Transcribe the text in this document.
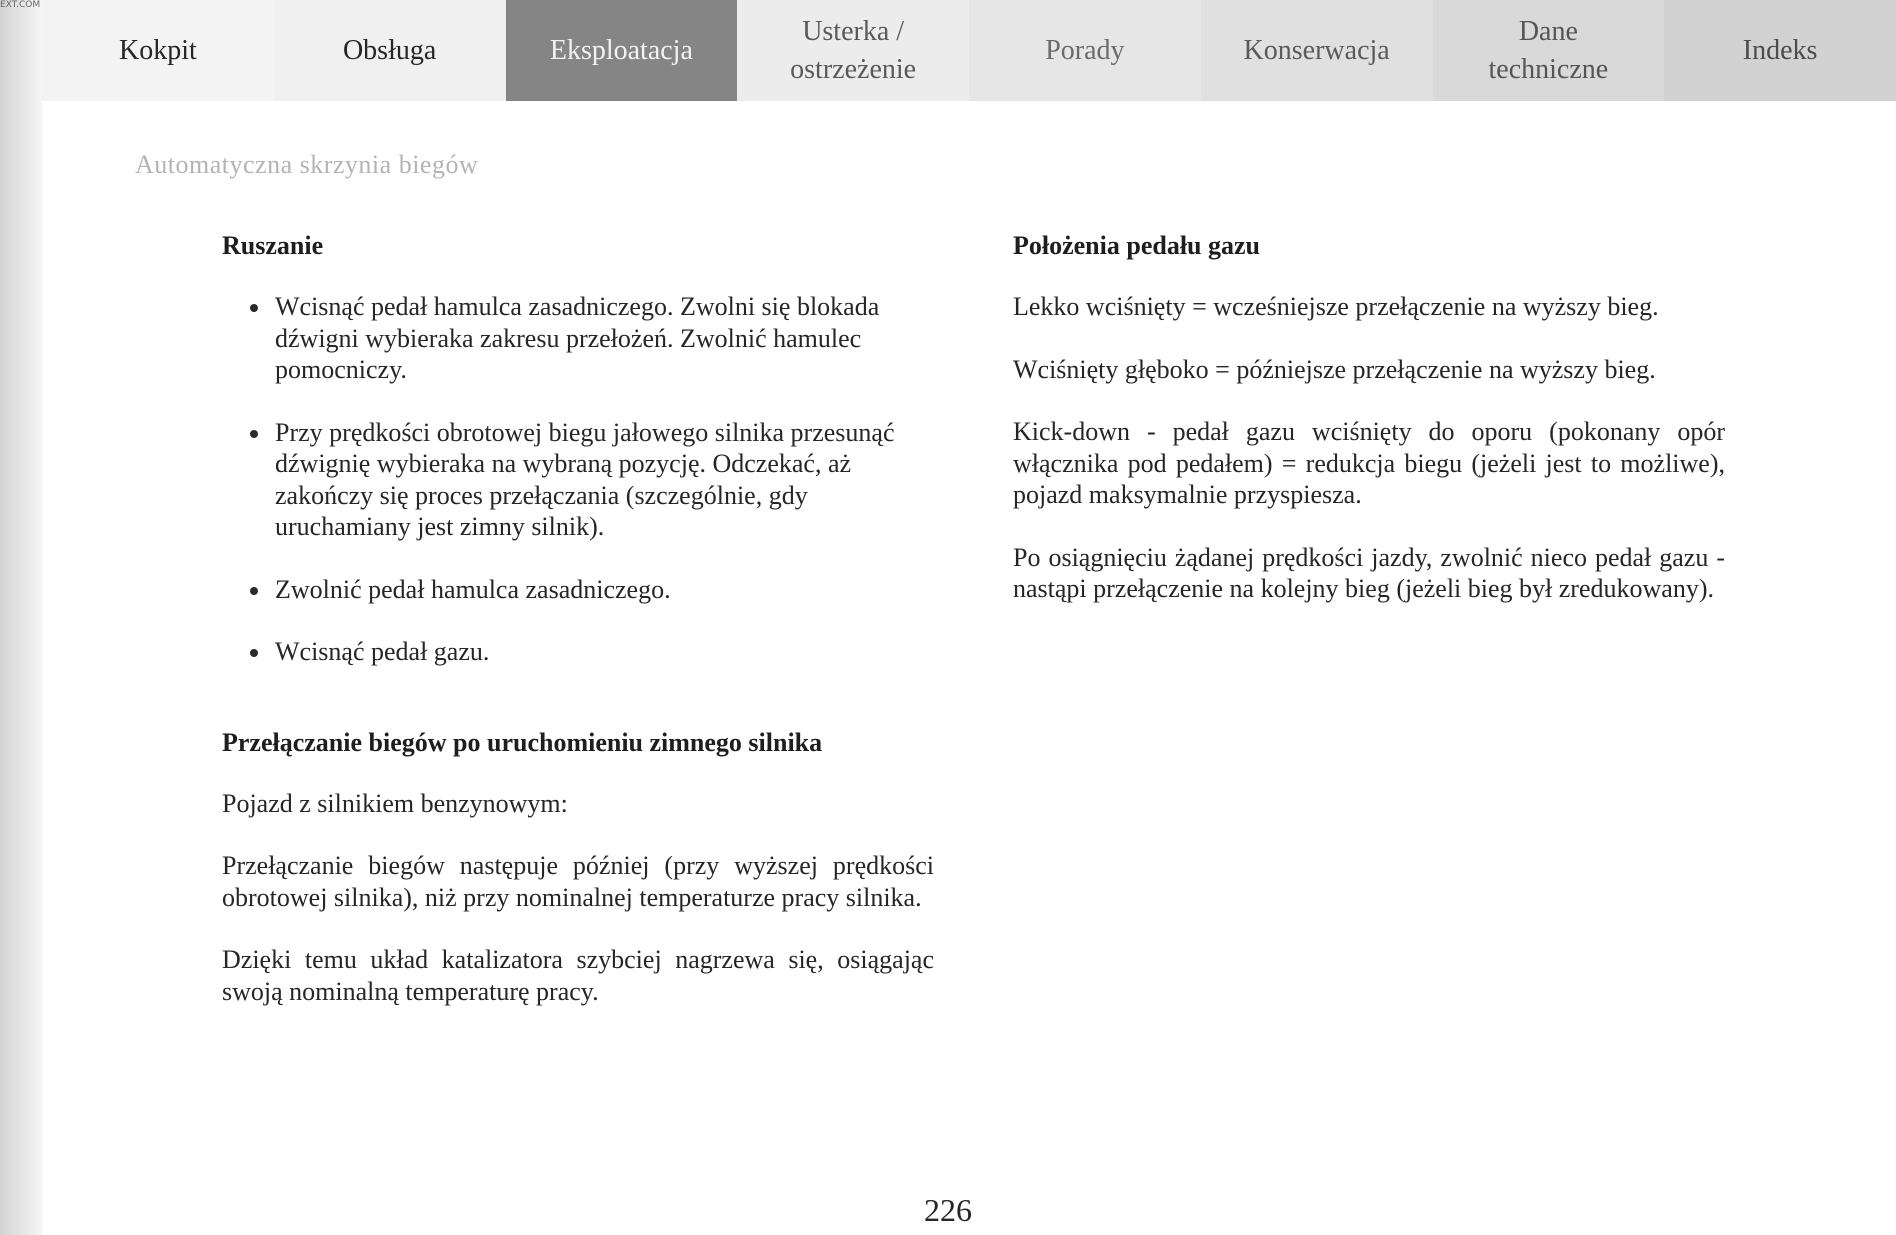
EXT.COM
Kokpit	Obsługa	Eksploatacja
Usterka /
ostrzeżenie
Porady	Konserwacja
Dane
techniczne
Indeks
Automatyczna skrzynia biegów
Ruszanie
Wcisnąć pedał hamulca zasadniczego. Zwolni się blokada dźwigni wybieraka zakresu przełożeń. Zwolnić hamulec pomocniczy.
Przy prędkości obrotowej biegu jałowego silnika przesunąć dźwignię wybieraka na wybraną pozycję. Odczekać, aż zakończy się proces przełączania (szczególnie, gdy uruchamiany jest zimny silnik).
Zwolnić pedał hamulca zasadniczego.
Wcisnąć pedał gazu.
Przełączanie biegów po uruchomieniu zimnego silnika

Pojazd z silnikiem benzynowym:

Przełączanie biegów następuje później (przy wyższej prędkości obrotowej silnika), niż przy nominalnej temperaturze pracy silnika.

Dzięki temu układ katalizatora szybciej nagrzewa się, osiągając swoją nominalną temperaturę pracy.

Położenia pedału gazu

Lekko wciśnięty = wcześniejsze przełączenie na wyższy bieg.

Wciśnięty głęboko = późniejsze przełączenie na wyższy bieg.

Kick-down - pedał gazu wciśnięty do oporu (pokonany opór włącznika pod pedałem) = redukcja biegu (jeżeli jest to możliwe), pojazd maksymalnie przyspiesza.

Po osiągnięciu żądanej prędkości jazdy, zwolnić nieco pedał gazu - nastąpi przełączenie na kolejny bieg (jeżeli bieg był zredukowany).

226
